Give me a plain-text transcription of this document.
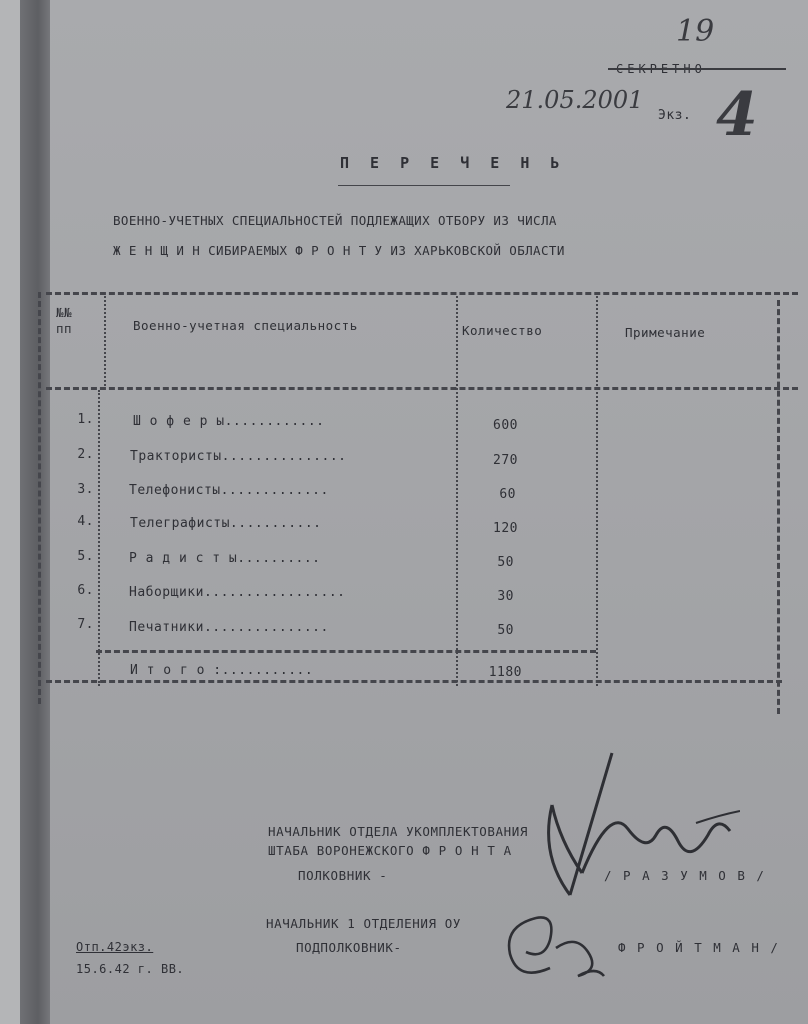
19
СЕКРЕТНО
21.05.2001
Экз. 4
П Е Р Е Ч Е Н Ь
ВОЕННО-УЧЕТНЫХ СПЕЦИАЛЬНОСТЕЙ ПОДЛЕЖАЩИХ ОТБОРУ ИЗ ЧИСЛА
Ж Е Н Щ И Н СИБИРАЕМЫХ Ф Р О Н Т У ИЗ ХАРЬКОВСКОЙ ОБЛАСТИ
№№
пп	Военно-учетная специальность	Количество	Примечание
1.	Ш о ф е р ы............	600
2.	Трактористы...............	270
3.	Телефонисты.............	60
4.	Телеграфисты...........	120
5.	Р а д и с т ы..........	50
6.	Наборщики.................	30
7.	Печатники...............	50
И т о г о :...........	1180
НАЧАЛЬНИК ОТДЕЛА УКОМПЛЕКТОВАНИЯ
ШТАБА ВОРОНЕЖСКОГО Ф Р О Н Т А
ПОЛКОВНИК -	/ Р А З У М О В /
НАЧАЛЬНИК 1 ОТДЕЛЕНИЯ ОУ
ПОДПОЛКОВНИК-	Ф Р О Й Т М А Н /
Отп.42экз.
15.6.42 г. ВВ.
